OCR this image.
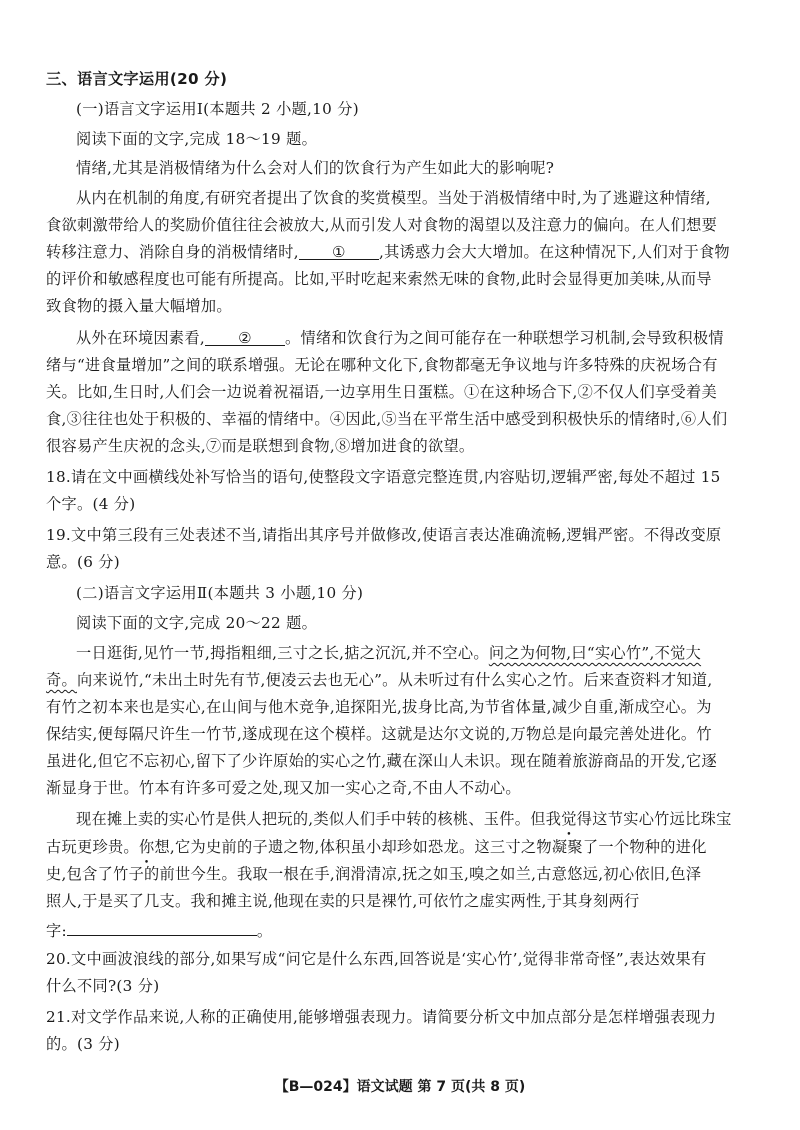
三、语言文字运用(20 分)
(一)语言文字运用Ⅰ(本题共 2 小题,10 分)
阅读下面的文字,完成 18～19 题。
情绪,尤其是消极情绪为什么会对人们的饮食行为产生如此大的影响呢?
从内在机制的角度,有研究者提出了饮食的奖赏模型。当处于消极情绪中时,为了逃避这种情绪,
食欲刺激带给人的奖励价值往往会被放大,从而引发人对食物的渴望以及注意力的偏向。在人们想要
转移注意力、消除自身的消极情绪时, ① ,其诱惑力会大大增加。在这种情况下,人们对于食物
的评价和敏感程度也可能有所提高。比如,平时吃起来索然无味的食物,此时会显得更加美味,从而导
致食物的摄入量大幅增加。
从外在环境因素看, ② 。情绪和饮食行为之间可能存在一种联想学习机制,会导致积极情
绪与“进食量增加”之间的联系增强。无论在哪种文化下,食物都毫无争议地与许多特殊的庆祝场合有
关。比如,生日时,人们会一边说着祝福语,一边享用生日蛋糕。①在这种场合下,②不仅人们享受着美
食,③往往也处于积极的、幸福的情绪中。④因此,⑤当在平常生活中感受到积极快乐的情绪时,⑥人们
很容易产生庆祝的念头,⑦而是联想到食物,⑧增加进食的欲望。
18.请在文中画横线处补写恰当的语句,使整段文字语意完整连贯,内容贴切,逻辑严密,每处不超过 15
个字。(4 分)
19.文中第三段有三处表述不当,请指出其序号并做修改,使语言表达准确流畅,逻辑严密。不得改变原
意。(6 分)
(二)语言文字运用Ⅱ(本题共 3 小题,10 分)
阅读下面的文字,完成 20～22 题。
一日逛街,见竹一节,拇指粗细,三寸之长,掂之沉沉,并不空心。问之为何物,曰“实心竹”,不觉大
奇。向来说竹,“未出土时先有节,便凌云去也无心”。从未听过有什么实心之竹。后来查资料才知道,
有竹之初本来也是实心,在山间与他木竞争,追探阳光,拔身比高,为节省体量,减少自重,渐成空心。为
保结实,便每隔尺许生一竹节,遂成现在这个模样。这就是达尔文说的,万物总是向最完善处进化。竹
虽进化,但它不忘初心,留下了少许原始的实心之竹,藏在深山人未识。现在随着旅游商品的开发,它逐
渐显身于世。竹本有许多可爱之处,现又加一实心之奇,不由人不动心。
现在摊上卖的实心竹是供人把玩的,类似人们手中转的核桃、玉件。但我觉得这节实心竹远比珠宝
古玩更珍贵。你想,它为史前的子遗之物,体积虽小却珍如恐龙。这三寸之物凝聚了一个物种的进化
史,包含了竹子的前世今生。我取一根在手,润滑清凉,抚之如玉,嗅之如兰,古意悠远,初心依旧,色泽
照人,于是买了几支。我和摊主说,他现在卖的只是裸竹,可依竹之虚实两性,于其身刻两行
字:	。
20.文中画波浪线的部分,如果写成“问它是什么东西,回答说是‘实心竹’,觉得非常奇怪”,表达效果有
什么不同?(3 分)
21.对文学作品来说,人称的正确使用,能够增强表现力。请简要分析文中加点部分是怎样增强表现力
的。(3 分)
【B—024】语文试题 第 7 页(共 8 页)
